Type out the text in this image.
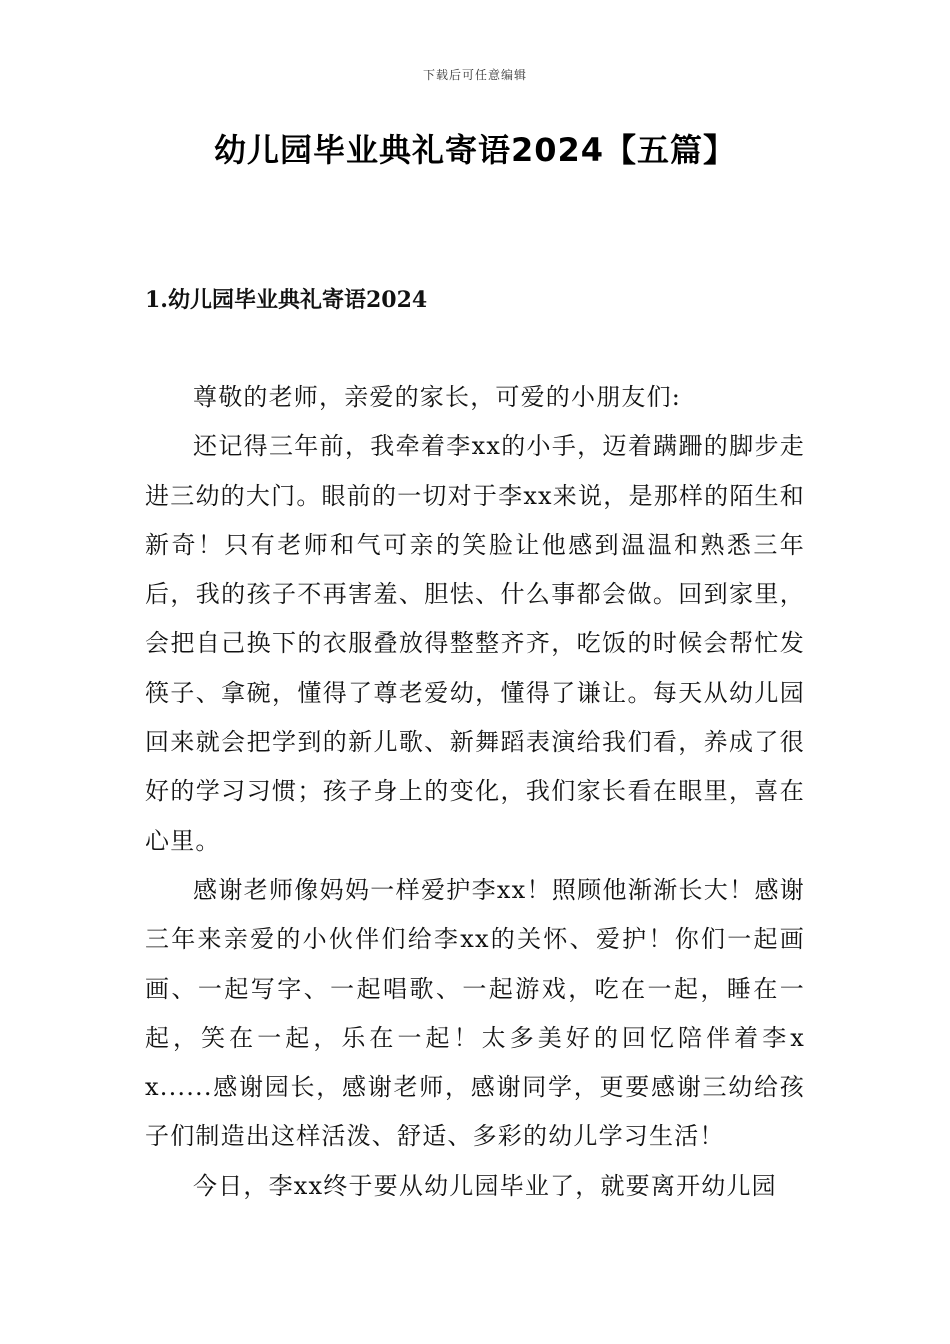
下载后可任意编辑
幼儿园毕业典礼寄语2024【五篇】
1.幼儿园毕业典礼寄语2024

尊敬的老师，亲爱的家长，可爱的小朋友们:

还记得三年前，我牵着李xx的小手，迈着蹒跚的脚步走进三幼的大门。眼前的一切对于李xx来说，是那样的陌生和新奇！只有老师和气可亲的笑脸让他感到温温和熟悉三年后，我的孩子不再害羞、胆怯、什么事都会做。回到家里，会把自己换下的衣服叠放得整整齐齐，吃饭的时候会帮忙发筷子、拿碗，懂得了尊老爱幼，懂得了谦让。每天从幼儿园回来就会把学到的新儿歌、新舞蹈表演给我们看，养成了很好的学习习惯；孩子身上的变化，我们家长看在眼里，喜在心里。

感谢老师像妈妈一样爱护李xx！照顾他渐渐长大！感谢三年来亲爱的小伙伴们给李xx的关怀、爱护！你们一起画画、一起写字、一起唱歌、一起游戏，吃在一起，睡在一起，笑在一起，乐在一起！太多美好的回忆陪伴着李xx......感谢园长，感谢老师，感谢同学，更要感谢三幼给孩子们制造出这样活泼、舒适、多彩的幼儿学习生活！

今日，李xx终于要从幼儿园毕业了，就要离开幼儿园
